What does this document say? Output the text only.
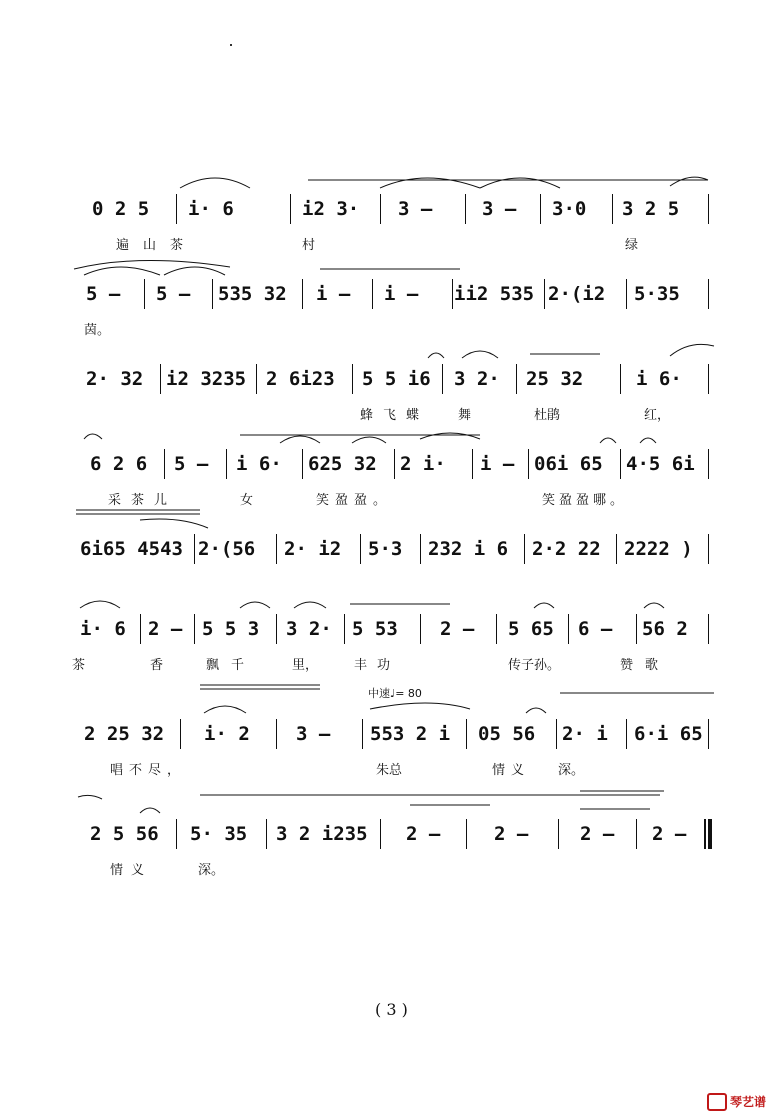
0 2 5 i· 6	i2 3· 3 –	3 – 3·0 3 2 5
遍山茶	村	绿
5 – 5 – 535 32 i – i – ii2 535 2·(i2 5·35
茵。
2· 32 i2 3235 2 6i23 5 5 i6 3 2· 25 32	i 6·
蜂飞蝶 舞	杜鹃	红，
6 2 6 5 – i 6· 625 32 2 i· i – 06i 65 4·5 6i
采茶儿	女	笑盈盈。	笑盈盈哪。
6i65 4543 2·(56 2· i2 5·3 232 i 6 2·2 22 2222 )
i· 6 2 – 5 5 3 3 2· 5 53 2 – 5 65 6 – 56 2
茶	香	飘千	里，	丰功	传子孙。	赞歌
中速♩= 80
2 25 32 i· 2 3 – 553 2 i 05 56 2· i 6·i 65
唱不尽，	朱总	情义 深。
2 5 56 5· 35 3 2 i235 2 –	2 –	2 – 2 –
情义	深。
( 3 )
琴艺谱
